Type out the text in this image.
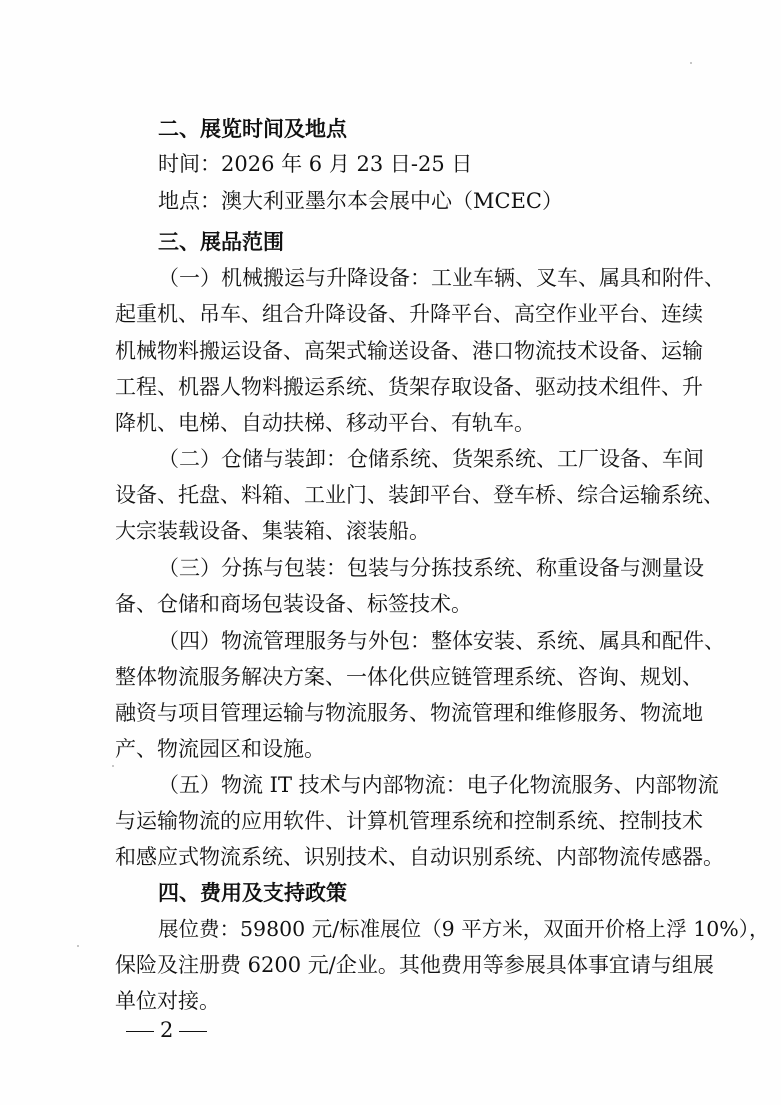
二、展览时间及地点
时间：2026 年 6 月 23 日-25 日
地点：澳大利亚墨尔本会展中心（MCEC）
三、展品范围
（一）机械搬运与升降设备：工业车辆、叉车、属具和附件、
起重机、吊车、组合升降设备、升降平台、高空作业平台、连续
机械物料搬运设备、高架式输送设备、港口物流技术设备、运输
工程、机器人物料搬运系统、货架存取设备、驱动技术组件、升
降机、电梯、自动扶梯、移动平台、有轨车。
（二）仓储与装卸：仓储系统、货架系统、工厂设备、车间
设备、托盘、料箱、工业门、装卸平台、登车桥、综合运输系统、
大宗装载设备、集装箱、滚装船。
（三）分拣与包装：包装与分拣技系统、称重设备与测量设
备、仓储和商场包装设备、标签技术。
（四）物流管理服务与外包：整体安装、系统、属具和配件、
整体物流服务解决方案、一体化供应链管理系统、咨询、规划、
融资与项目管理运输与物流服务、物流管理和维修服务、物流地
产、物流园区和设施。
（五）物流 IT 技术与内部物流：电子化物流服务、内部物流
与运输物流的应用软件、计算机管理系统和控制系统、控制技术
和感应式物流系统、识别技术、自动识别系统、内部物流传感器。
四、费用及支持政策
展位费：59800 元/标准展位（9 平方米，双面开价格上浮 10%），
保险及注册费 6200 元/企业。其他费用等参展具体事宜请与组展
单位对接。
2
